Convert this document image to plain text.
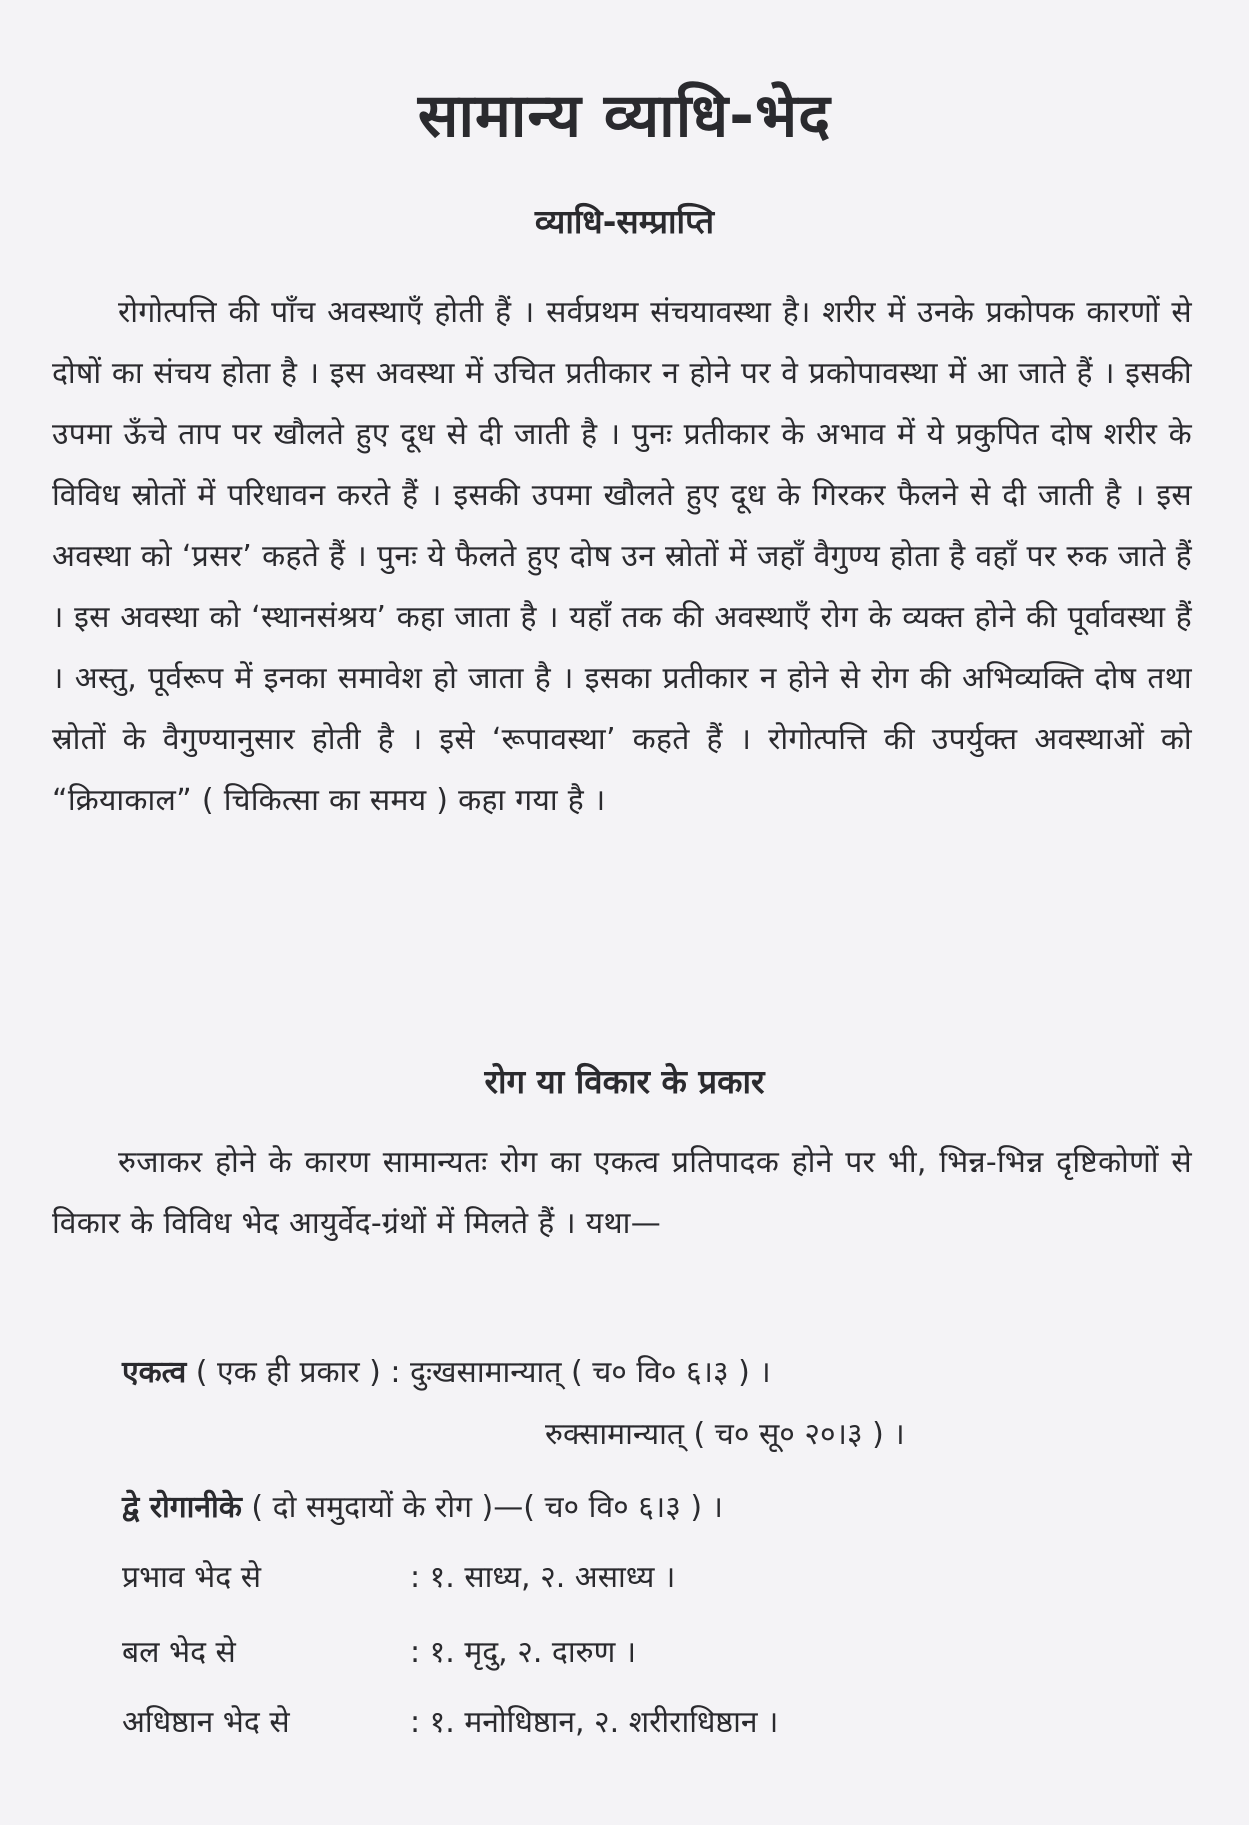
सामान्य व्याधि-भेद
व्याधि-सम्प्राप्ति

रोगोत्पत्ति की पाँच अवस्थाएँ होती हैं । सर्वप्रथम संचयावस्था है। शरीर में उनके प्रकोपक कारणों से दोषों का संचय होता है । इस अवस्था में उचित प्रतीकार न होने पर वे प्रकोपावस्था में आ जाते हैं । इसकी उपमा ऊँचे ताप पर खौलते हुए दूध से दी जाती है । पुनः प्रतीकार के अभाव में ये प्रकुपित दोष शरीर के विविध स्रोतों में परिधावन करते हैं । इसकी उपमा खौलते हुए दूध के गिरकर फैलने से दी जाती है । इस अवस्था को ‘प्रसर’ कहते हैं । पुनः ये फैलते हुए दोष उन स्रोतों में जहाँ वैगुण्य होता है वहाँ पर रुक जाते हैं । इस अवस्था को ‘स्थानसंश्रय’ कहा जाता है । यहाँ तक की अवस्थाएँ रोग के व्यक्त होने की पूर्वावस्था हैं । अस्तु, पूर्वरूप में इनका समावेश हो जाता है । इसका प्रतीकार न होने से रोग की अभिव्यक्ति दोष तथा स्रोतों के वैगुण्यानुसार होती है । इसे ‘रूपावस्था’ कहते हैं । रोगोत्पत्ति की उपर्युक्त अवस्थाओं को “क्रियाकाल” ( चिकित्सा का समय ) कहा गया है ।

रोग या विकार के प्रकार

रुजाकर होने के कारण सामान्यतः रोग का एकत्व प्रतिपादक होने पर भी, भिन्न-भिन्न दृष्टिकोणों से विकार के विविध भेद आयुर्वेद-ग्रंथों में मिलते हैं । यथा—

एकत्व ( एक ही प्रकार ) : दुःखसामान्यात् ( च० वि० ६।३ ) ।
रुक्सामान्यात् ( च० सू० २०।३ ) ।
द्वे रोगानीके ( दो समुदायों के रोग )—( च० वि० ६।३ ) ।
प्रभाव भेद से	: १. साध्य, २. असाध्य ।
बल भेद से	: १. मृदु, २. दारुण ।
अधिष्ठान भेद से	: १. मनोधिष्ठान, २. शरीराधिष्ठान ।
